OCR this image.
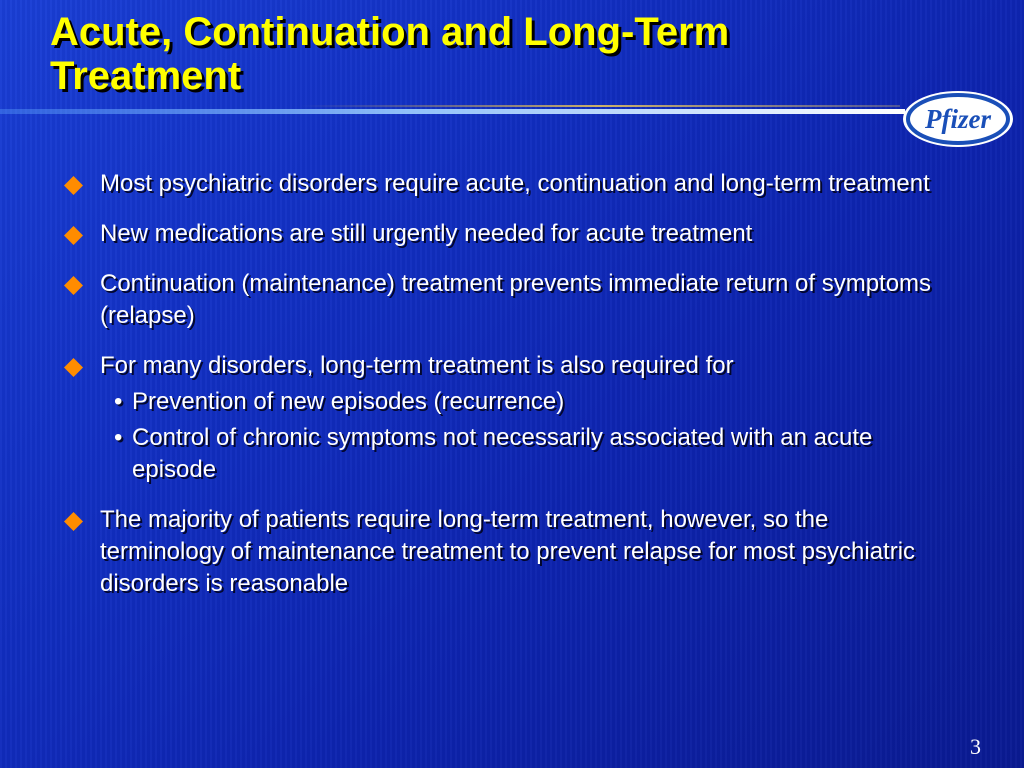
Acute, Continuation and Long-Term Treatment
Pfizer
Most psychiatric disorders require acute, continuation and long-term treatment
New medications are still urgently needed for acute treatment
Continuation (maintenance) treatment prevents immediate return of symptoms (relapse)
For many disorders, long-term treatment is also required for
• Prevention of new episodes (recurrence)
• Control of chronic symptoms not necessarily associated with an acute episode
The majority of patients require long-term treatment, however, so the terminology of maintenance treatment to prevent relapse for most psychiatric disorders is reasonable
3
